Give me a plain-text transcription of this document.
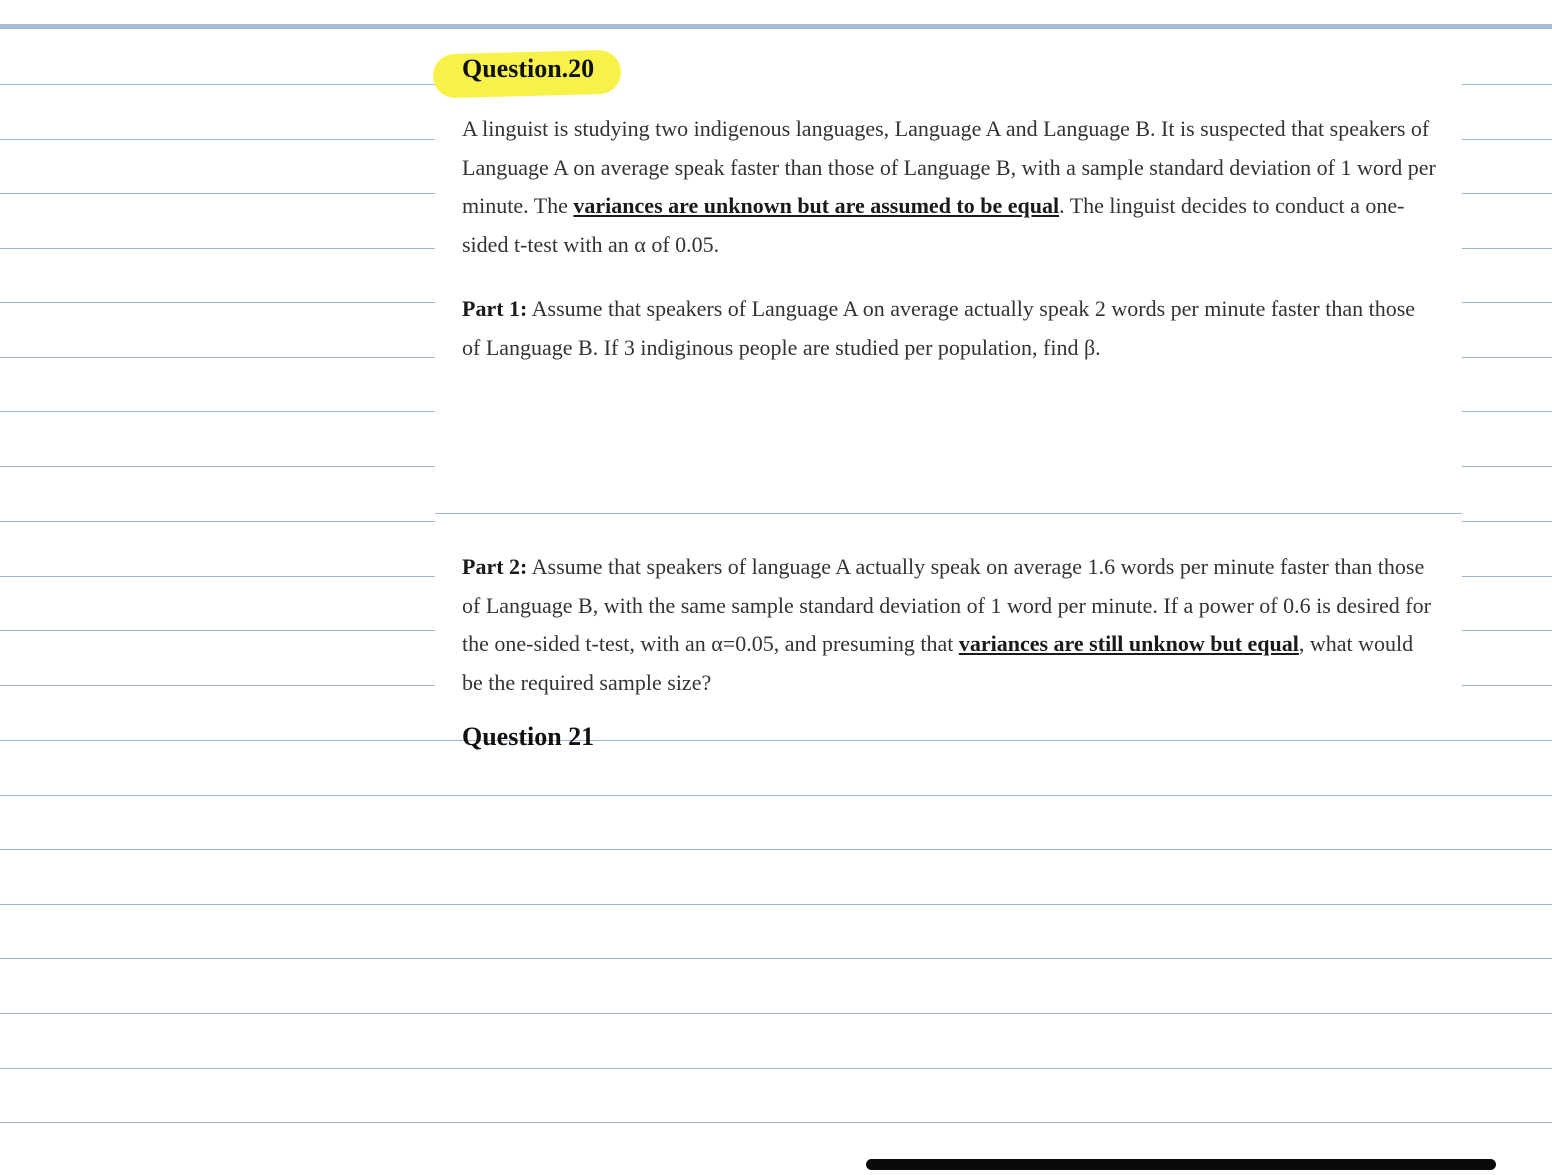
Question.20
A linguist is studying two indigenous languages, Language A and Language B. It is suspected that speakers of Language A on average speak faster than those of Language B, with a sample standard deviation of 1 word per minute. The variances are unknown but are assumed to be equal. The linguist decides to conduct a one-sided t-test with an α of 0.05.
Part 1: Assume that speakers of Language A on average actually speak 2 words per minute faster than those of Language B. If 3 indiginous people are studied per population, find β.
Part 2: Assume that speakers of language A actually speak on average 1.6 words per minute faster than those of Language B, with the same sample standard deviation of 1 word per minute. If a power of 0.6 is desired for the one-sided t-test, with an α=0.05, and presuming that variances are still unknow but equal, what would be the required sample size?
Question 21
